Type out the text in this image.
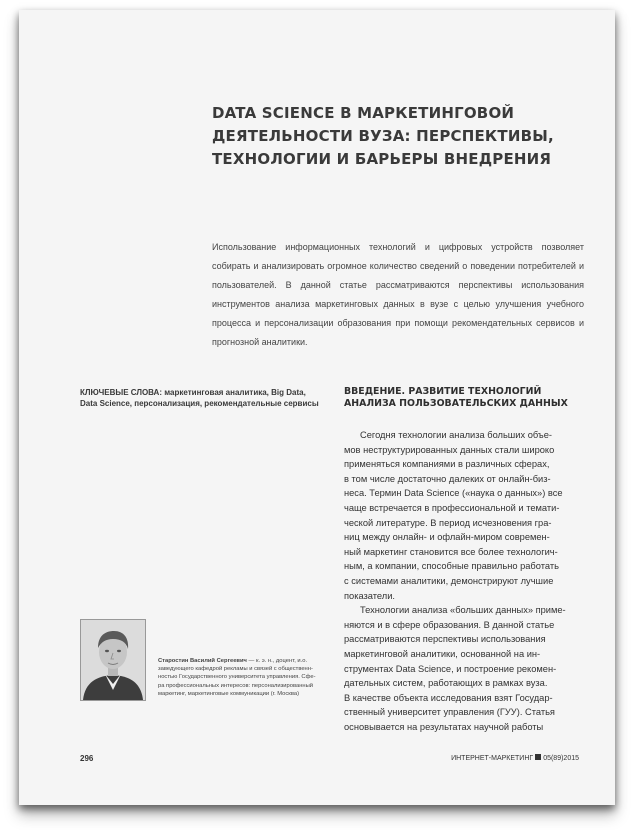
DATA SCIENCE В МАРКЕТИНГОВОЙ
ДЕЯТЕЛЬНОСТИ ВУЗА: ПЕРСПЕКТИВЫ,
ТЕХНОЛОГИИ И БАРЬЕРЫ ВНЕДРЕНИЯ

Использование информационных технологий и цифровых устройств позволяет собирать и анализировать огромное количество сведений о поведении потребителей и пользователей. В данной статье рассматриваются перспективы использования инструментов анализа маркетинговых данных в вузе с целью улучшения учебного процесса и персонализации образования при помощи рекомендательных сервисов и прогнозной аналитики.

КЛЮЧЕВЫЕ СЛОВА: маркетинговая аналитика, Big Data, Data Science, персонализация, рекомендательные сервисы
ВВЕДЕНИЕ. РАЗВИТИЕ ТЕХНОЛОГИЙ
АНАЛИЗА ПОЛЬЗОВАТЕЛЬСКИХ ДАННЫХ
Сегодня технологии анализа больших объе-
мов неструктурированных данных стали широко
применяться компаниями в различных сферах,
в том числе достаточно далеких от онлайн-биз-
неса. Термин Data Science («наука о данных») все
чаще встречается в профессиональной и темати-
ческой литературе. В период исчезновения гра-
ниц между онлайн- и офлайн-миром современ-
ный маркетинг становится все более технологич-
ным, а компании, способные правильно работать
с системами аналитики, демонстрируют лучшие
показатели.
Технологии анализа «больших данных» приме-
няются и в сфере образования. В данной статье
рассматриваются перспективы использования
маркетинговой аналитики, основанной на ин-
струментах Data Science, и построение рекомен-
дательных систем, работающих в рамках вуза.
В качестве объекта исследования взят Государ-
ственный университет управления (ГУУ). Статья
основывается на результатах научной работы
Старостин Василий Сергеевич — к. э. н., доцент, и.о.
заведующего кафедрой рекламы и связей с общественн-
ностью Государственного университета управления. Сфе-
ра профессиональных интересов: персонализированный
маркетинг, маркетинговые коммуникации (г. Москва)
296	ИНТЕРНЕТ-МАРКЕТИНГ 05(89)2015
